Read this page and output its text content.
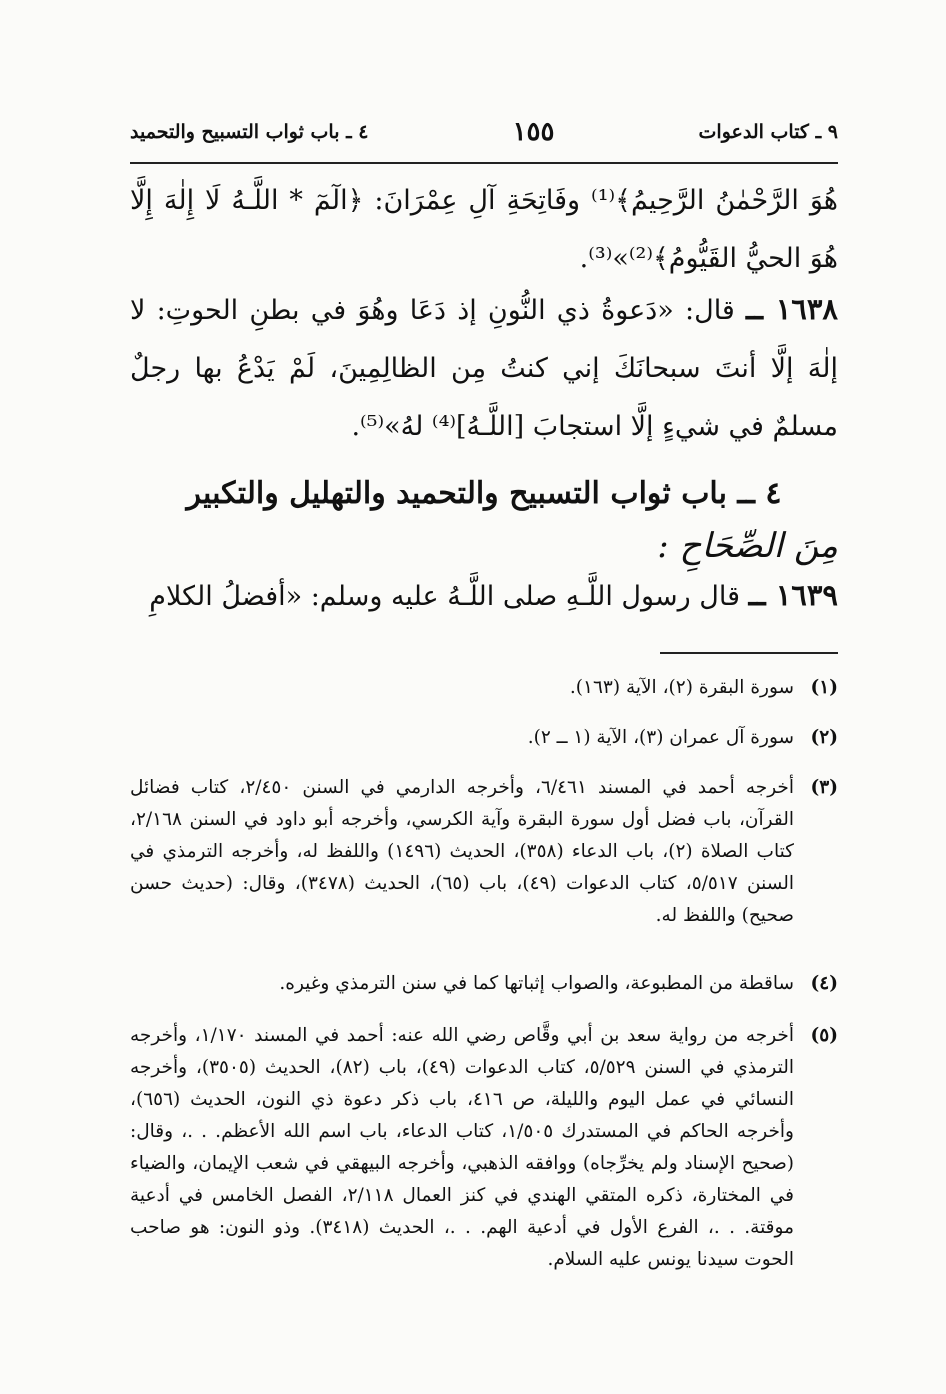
٩ ـ كتاب الدعوات
١٥٥
٤ ـ باب ثواب التسبيح والتحميد

هُوَ الرَّحْمٰنُ الرَّحِيمُ﴾⁽¹⁾ وفَاتِحَةِ آلِ عِمْرَانَ: ﴿الٓمٓ * اللَّـهُ لَا إِلٰهَ إِلَّا هُوَ الحيُّ القَيُّومُ﴾⁽²⁾»⁽³⁾.

١٦٣٨ ــ قال: «دَعوةُ ذي النُّونِ إذ دَعَا وهُوَ في بطنِ الحوتِ: لا إلٰهَ إلَّا أنتَ سبحانَكَ إني كنتُ مِن الظالِمِينَ، لَمْ يَدْعُ بها رجلٌ مسلمٌ في شيءٍ إلَّا استجابَ [اللَّـهُ]⁽⁴⁾ لهُ»⁽⁵⁾.

٤ ــ باب ثواب التسبيح والتحميد والتهليل والتكبير
مِنَ الصِّحَاحِ :

١٦٣٩ ــ قال رسول اللَّـهِ صلى اللَّـهُ عليه وسلم: «أفضلُ الكلامِ

(١)
سورة البقرة (٢)، الآية (١٦٣).
(٢)
سورة آل عمران (٣)، الآية (١ ــ ٢).
(٣)
أخرجه أحمد في المسند ٦/٤٦١، وأخرجه الدارمي في السنن ٢/٤٥٠، كتاب فضائل القرآن، باب فضل أول سورة البقرة وآية الكرسي، وأخرجه أبو داود في السنن ٢/١٦٨، كتاب الصلاة (٢)، باب الدعاء (٣٥٨)، الحديث (١٤٩٦) واللفظ له، وأخرجه الترمذي في السنن ٥/٥١٧، كتاب الدعوات (٤٩)، باب (٦٥)، الحديث (٣٤٧٨)، وقال: (حديث حسن صحيح) واللفظ له.
(٤)
ساقطة من المطبوعة، والصواب إثباتها كما في سنن الترمذي وغيره.
(٥)
أخرجه من رواية سعد بن أبي وقَّاص رضي الله عنه: أحمد في المسند ١/١٧٠، وأخرجه الترمذي في السنن ٥/٥٢٩، كتاب الدعوات (٤٩)، باب (٨٢)، الحديث (٣٥٠٥)، وأخرجه النسائي في عمل اليوم والليلة، ص ٤١٦، باب ذكر دعوة ذي النون، الحديث (٦٥٦)، وأخرجه الحاكم في المستدرك ١/٥٠٥، كتاب الدعاء، باب اسم الله الأعظم. . .، وقال: (صحيح الإسناد ولم يخرِّجاه) ووافقه الذهبي، وأخرجه البيهقي في شعب الإيمان، والضياء في المختارة، ذكره المتقي الهندي في كنز العمال ٢/١١٨، الفصل الخامس في أدعية موقتة. . .، الفرع الأول في أدعية الهم. . .، الحديث (٣٤١٨). وذو النون: هو صاحب الحوت سيدنا يونس عليه السلام.
